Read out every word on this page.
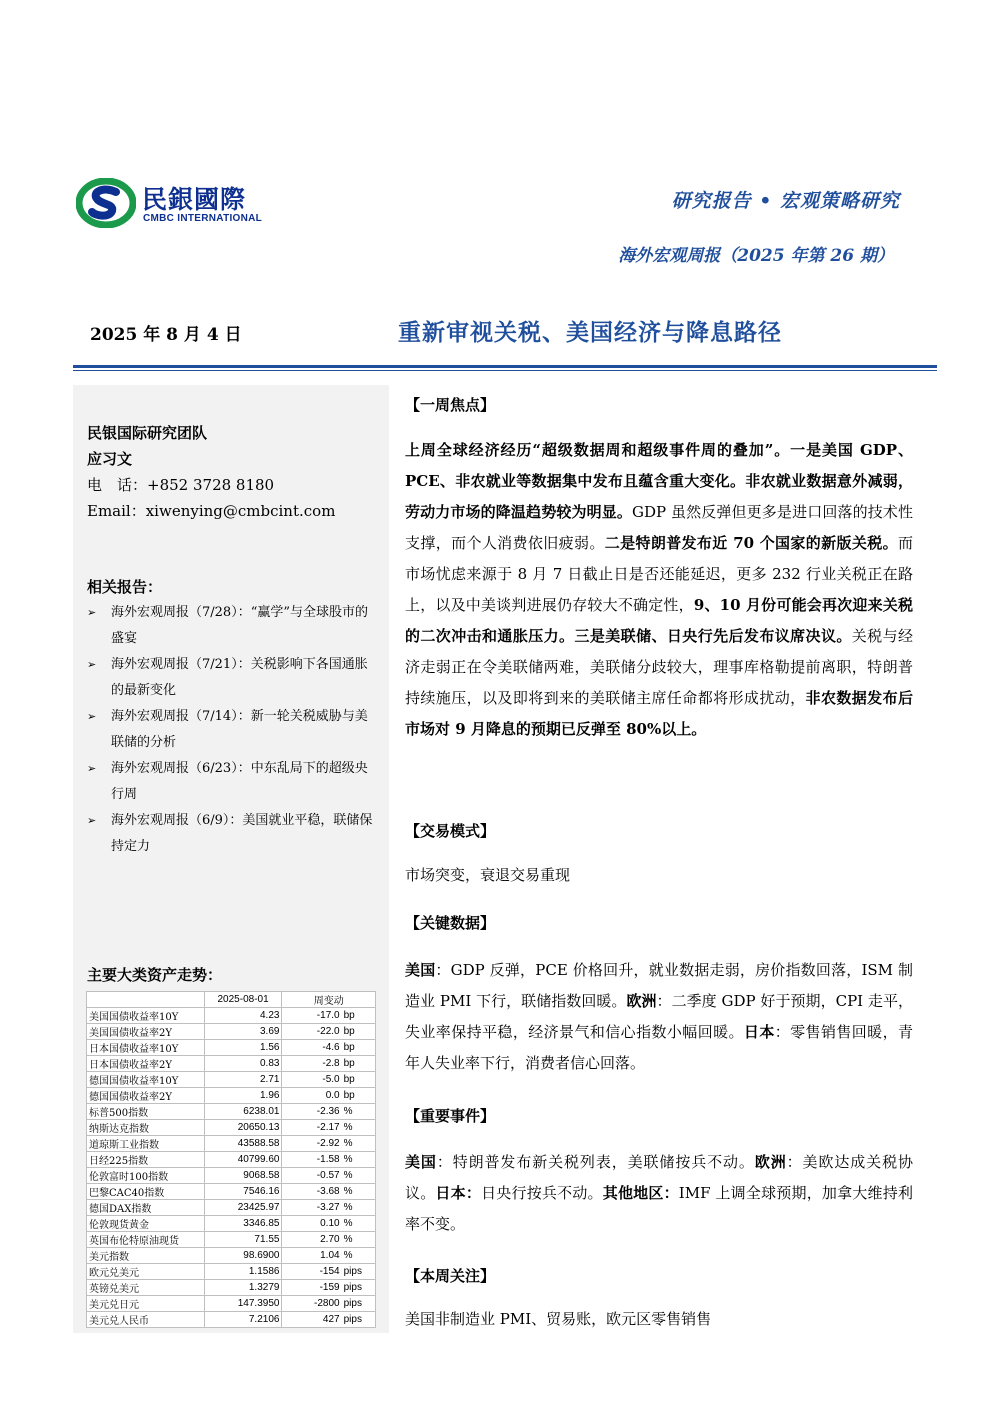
民銀國際
CMBC INTERNATIONAL
研究报告 • 宏观策略研究
海外宏观周报（2025 年第 26 期）
2025 年 8 月 4 日	重新审视关税、美国经济与降息路径
民银国际研究团队
应习文
电　话：+852 3728 8180
Email：xiwenying@cmbcint.com
相关报告：
➢ 海外宏观周报（7/28）：“赢学”与全球股市的盛宴
➢ 海外宏观周报（7/21）：关税影响下各国通胀的最新变化
➢ 海外宏观周报（7/14）：新一轮关税威胁与美联储的分析
➢ 海外宏观周报（6/23）：中东乱局下的超级央行周
➢ 海外宏观周报（6/9）：美国就业平稳，联储保持定力
主要大类资产走势：
	2025-08-01	周变动	
美国国债收益率10Y	4.23	-17.0	bp
美国国债收益率2Y	3.69	-22.0	bp
日本国债收益率10Y	1.56	-4.6	bp
日本国债收益率2Y	0.83	-2.8	bp
德国国债收益率10Y	2.71	-5.0	bp
德国国债收益率2Y	1.96	0.0	bp
标普500指数	6238.01	-2.36	%
纳斯达克指数	20650.13	-2.17	%
道琼斯工业指数	43588.58	-2.92	%
日经225指数	40799.60	-1.58	%
伦敦富时100指数	9068.58	-0.57	%
巴黎CAC40指数	7546.16	-3.68	%
德国DAX指数	23425.97	-3.27	%
伦敦现货黄金	3346.85	0.10	%
英国布伦特原油现货	71.55	2.70	%
美元指数	98.6900	1.04	%
欧元兑美元	1.1586	-154	pips
英镑兑美元	1.3279	-159	pips
美元兑日元	147.3950	-2800	pips
美元兑人民币	7.2106	427	pips
【一周焦点】
上周全球经济经历“超级数据周和超级事件周的叠加”。一是美国 GDP、PCE、非农就业等数据集中发布且蕴含重大变化。非农就业数据意外减弱，劳动力市场的降温趋势较为明显。GDP 虽然反弹但更多是进口回落的技术性支撑，而个人消费依旧疲弱。二是特朗普发布近 70 个国家的新版关税。而市场忧虑来源于 8 月 7 日截止日是否还能延迟，更多 232 行业关税正在路上，以及中美谈判进展仍存较大不确定性，9、10 月份可能会再次迎来关税的二次冲击和通胀压力。三是美联储、日央行先后发布议席决议。关税与经济走弱正在令美联储两难，美联储分歧较大，理事库格勒提前离职，特朗普持续施压，以及即将到来的美联储主席任命都将形成扰动，非农数据发布后市场对 9 月降息的预期已反弹至 80%以上。
【交易模式】
市场突变，衰退交易重现
【关键数据】
美国：GDP 反弹，PCE 价格回升，就业数据走弱，房价指数回落，ISM 制造业 PMI 下行，联储指数回暖。欧洲：二季度 GDP 好于预期，CPI 走平，失业率保持平稳，经济景气和信心指数小幅回暖。日本：零售销售回暖，青年人失业率下行，消费者信心回落。
【重要事件】
美国：特朗普发布新关税列表，美联储按兵不动。欧洲：美欧达成关税协议。日本：日央行按兵不动。其他地区：IMF 上调全球预期，加拿大维持利率不变。
【本周关注】
美国非制造业 PMI、贸易账，欧元区零售销售
